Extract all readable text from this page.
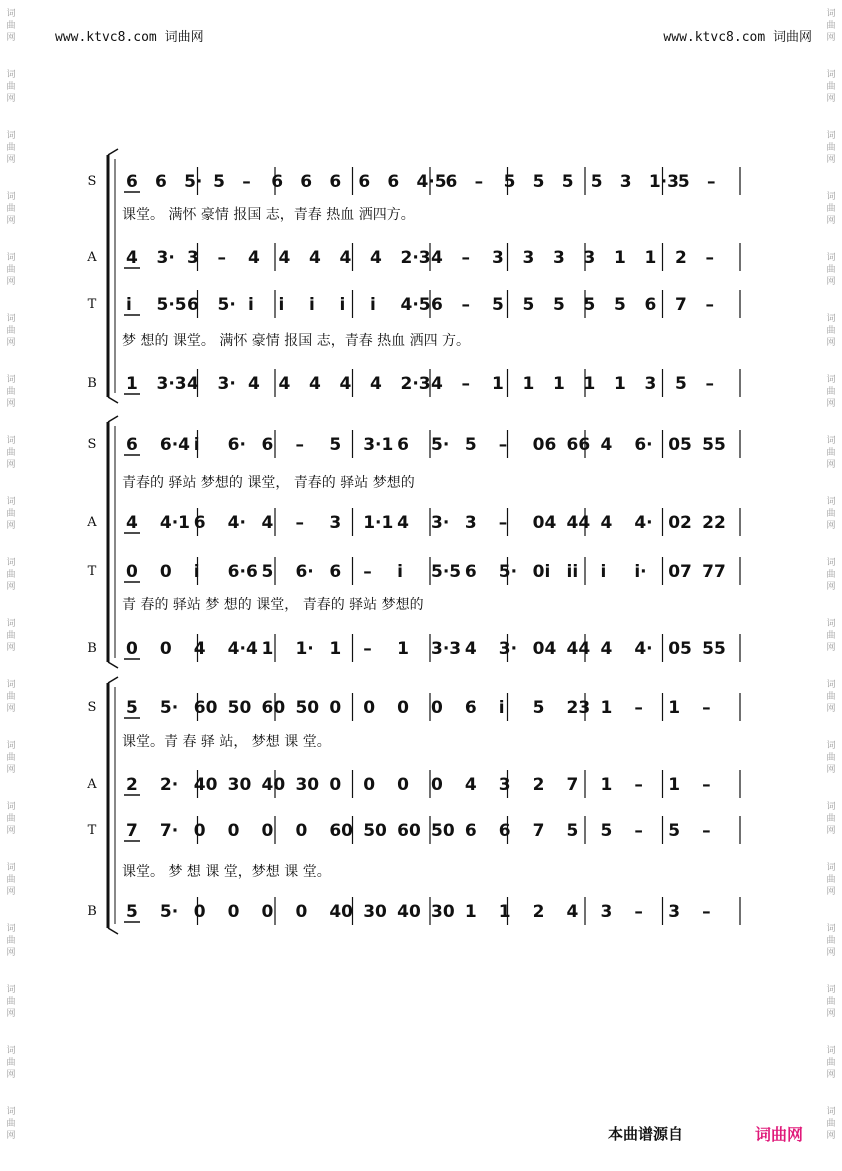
www.ktvc8.com 词曲网	www.ktvc8.com 词曲网
词
曲
网
词
曲
网
词
曲
网
词
曲
网
词
曲
网
词
曲
网
词
曲
网
词
曲
网
词
曲
网
词
曲
网
词
曲
网
词
曲
网
词
曲
网
词
曲
网
词
曲
网
词
曲
网
词
曲
网
词
曲
网
词
曲
网
词
曲
网
词
曲
网
词
曲
网
词
曲
网
词
曲
网
词
曲
网
词
曲
网
词
曲
网
词
曲
网
词
曲
网
词
曲
网
词
曲
网
词
曲
网
词
曲
网
词
曲
网
词
曲
网
词
曲
网
词
曲
网
词
曲
网
S 6 6 5· 5 – 6 6 6 6 6 4·5
6 – 5 5 5 5 3 1·3
5 –
课堂。 满怀 豪情 报国 志，青春 热血 洒四方。
A 4 3· 3 – 4 4 4 4 4 2·3 4 – 3 3 3 3 1 1 2 –
T i 5·5 6 5· i i i i i 4·5 6 – 5 5 5 5 5 6 7 –
梦 想的 课堂。 满怀 豪情 报国 志，青春 热血 洒四 方。
B 1 3·3 4 3· 4 4 4 4 4 2·3 4 – 1 1 1 1 1 3 5 –
S 6 6·4 i 6· 6 – 5 3·1 6 5· 5 – 06 66 4 6· 05 55
青春的 驿站 梦想的 课堂， 青春的 驿站 梦想的
A 4 4·1 6 4· 4 – 3 1·1 4 3· 3 – 04 44 4 4· 02 22
T 0 0 i 6·6 5 6· 6 – i 5·5 6 5· 0i ii i i· 07 77
青 春的 驿站 梦 想的 课堂， 青春的 驿站 梦想的
B 0 0 4 4·4 1 1· 1 – 1 3·3 4 3· 04 44 4 4· 05 55
S 5 5· 60 50 60 50 0 0 0 0 6 i 5 23 1 – 1 –
课堂。青 春 驿 站， 梦想 课 堂。
A 2 2· 40 30 40 30 0 0 0 0 4 3 2 7 1 – 1 –
T 7 7· 0 0 0 0 60 50 60 50 6 6 7 5 5 – 5 –
课堂。 梦 想 课 堂，梦想 课 堂。
B 5 5· 0 0 0 0 40 30 40 30 1 1 2 4 3 – 3 –
本曲谱源自	词曲网
